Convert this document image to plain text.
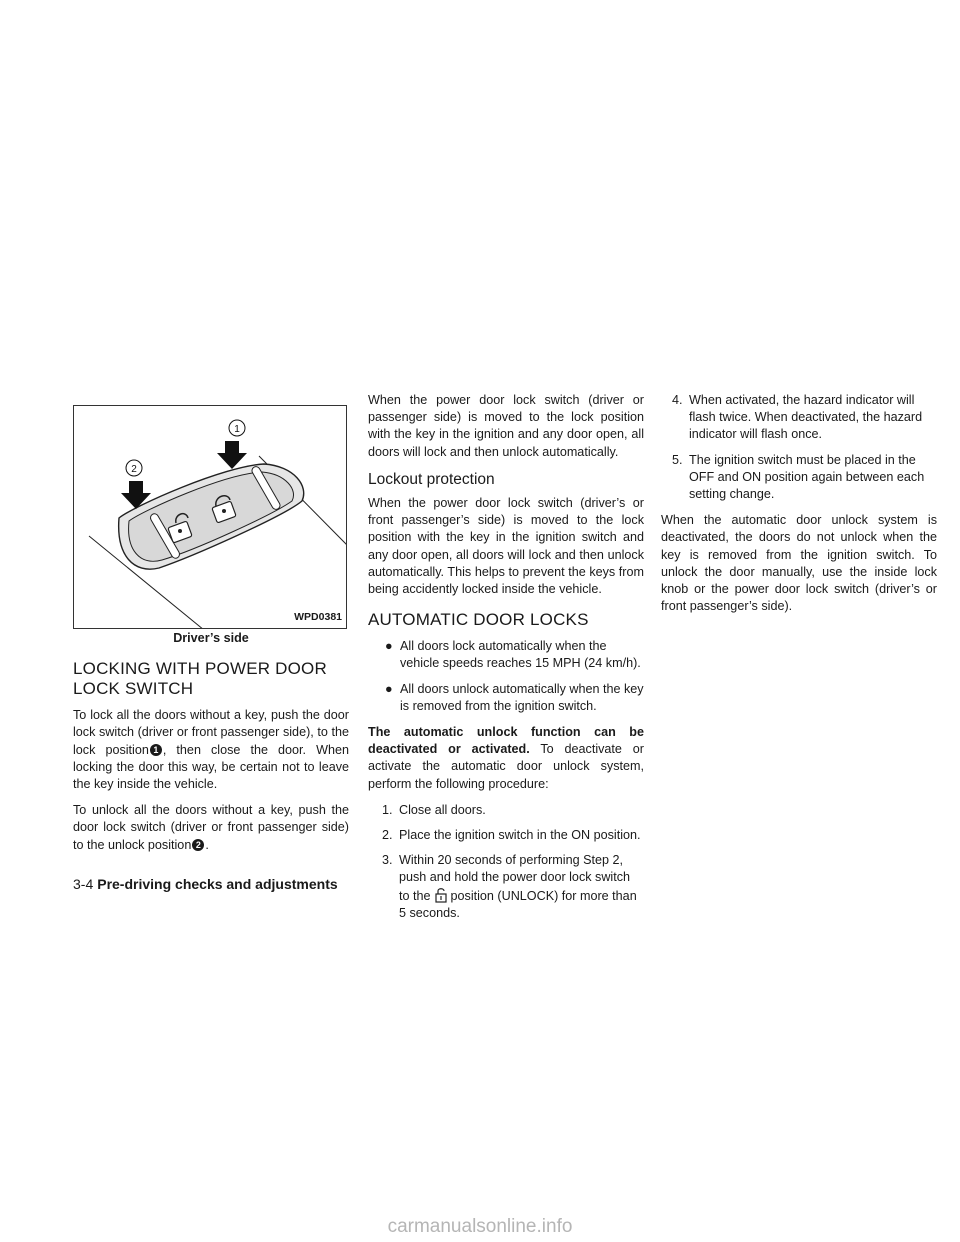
1
2
WPD0381
Driver’s side
LOCKING WITH POWER DOOR LOCK SWITCH

To lock all the doors without a key, push the door lock switch (driver or front passenger side), to the lock position 1 , then close the door. When locking the door this way, be certain not to leave the key inside the vehicle.

To unlock all the doors without a key, push the door lock switch (driver or front passenger side) to the unlock position 2 .

When the power door lock switch (driver or passenger side) is moved to the lock position with the key in the ignition and any door open, all doors will lock and then unlock automatically.

Lockout protection

When the power door lock switch (driver’s or front passenger’s side) is moved to the lock position with the key in the ignition switch and any door open, all doors will lock and then unlock automatically. This helps to prevent the keys from being accidently locked inside the vehicle.

AUTOMATIC DOOR LOCKS
● All doors lock automatically when the vehicle speeds reaches 15 MPH (24 km/h).
● All doors unlock automatically when the key is removed from the ignition switch.

The automatic unlock function can be deactivated or activated. To deactivate or activate the automatic door unlock system, perform the following procedure:

1. Close all doors.
2. Place the ignition switch in the ON position.
3. Within 20 seconds of performing Step 2, push and hold the power door lock switch to the position (UNLOCK) for more than 5 seconds.
4. When activated, the hazard indicator will flash twice. When deactivated, the hazard indicator will flash once.
5. The ignition switch must be placed in the OFF and ON position again between each setting change.

When the automatic door unlock system is deactivated, the doors do not unlock when the key is removed from the ignition switch. To unlock the door manually, use the inside lock knob or the power door lock switch (driver’s or front passenger’s side).

3-4 Pre-driving checks and adjustments
carmanualsonline.info
